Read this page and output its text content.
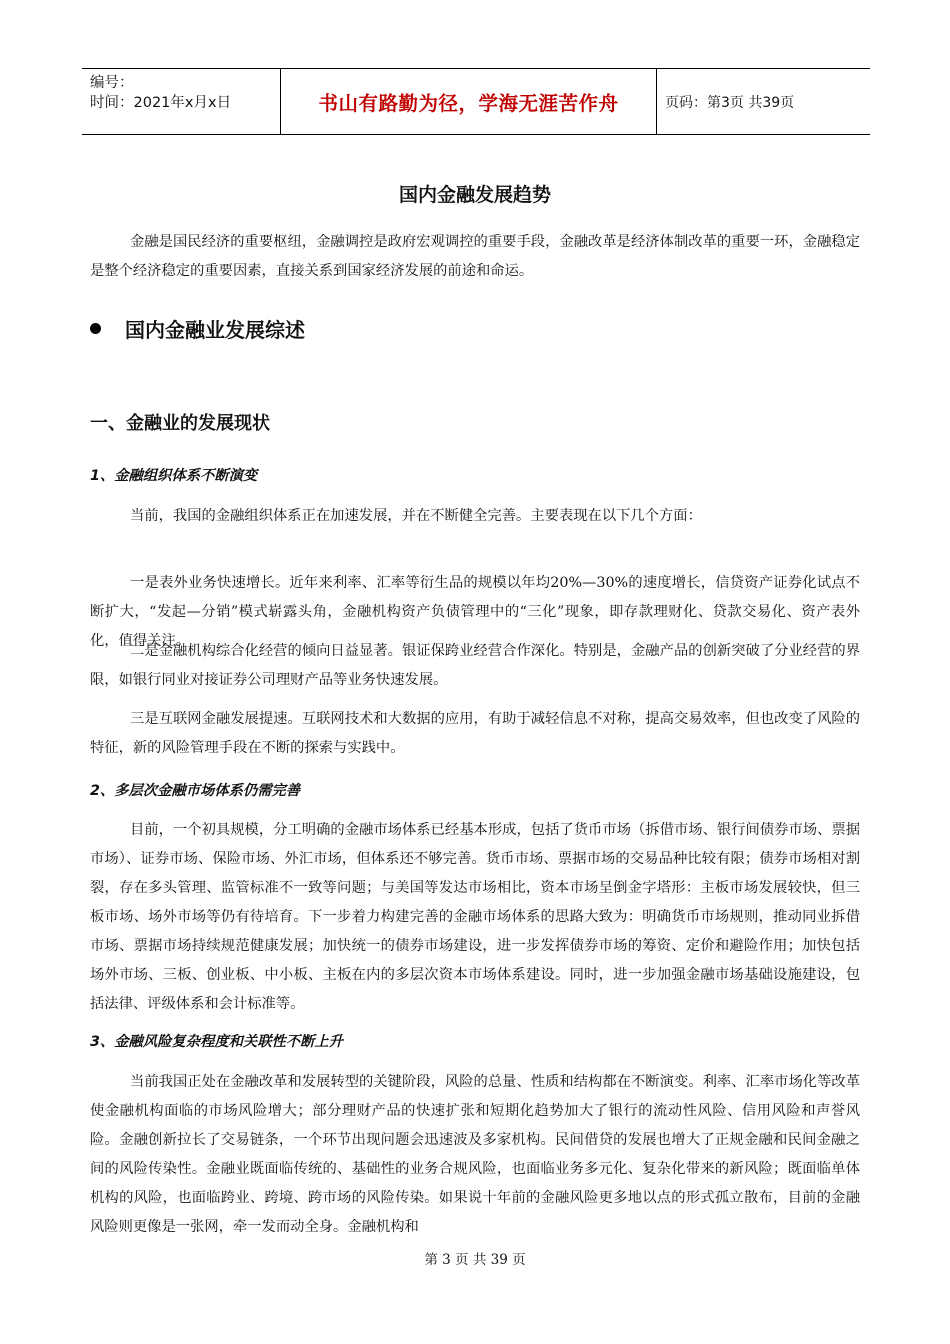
编号：
时间：2021年x月x日	书山有路勤为径，学海无涯苦作舟	页码：第3页 共39页
国内金融发展趋势

金融是国民经济的重要枢纽，金融调控是政府宏观调控的重要手段，金融改革是经济体制改革的重要一环，金融稳定是整个经济稳定的重要因素，直接关系到国家经济发展的前途和命运。

国内金融业发展综述
一、金融业的发展现状
1、金融组织体系不断演变

当前，我国的金融组织体系正在加速发展，并在不断健全完善。主要表现在以下几个方面：

一是表外业务快速增长。近年来利率、汇率等衍生品的规模以年均20%—30%的速度增长，信贷资产证券化试点不断扩大，“发起—分销”模式崭露头角，金融机构资产负债管理中的“三化”现象，即存款理财化、贷款交易化、资产表外化，值得关注。

二是金融机构综合化经营的倾向日益显著。银证保跨业经营合作深化。特别是，金融产品的创新突破了分业经营的界限，如银行同业对接证券公司理财产品等业务快速发展。

三是互联网金融发展提速。互联网技术和大数据的应用，有助于减轻信息不对称，提高交易效率，但也改变了风险的特征，新的风险管理手段在不断的探索与实践中。

2、多层次金融市场体系仍需完善

目前，一个初具规模，分工明确的金融市场体系已经基本形成，包括了货币市场（拆借市场、银行间债券市场、票据市场）、证券市场、保险市场、外汇市场，但体系还不够完善。货币市场、票据市场的交易品种比较有限；债券市场相对割裂，存在多头管理、监管标准不一致等问题；与美国等发达市场相比，资本市场呈倒金字塔形：主板市场发展较快，但三板市场、场外市场等仍有待培育。下一步着力构建完善的金融市场体系的思路大致为：明确货币市场规则，推动同业拆借市场、票据市场持续规范健康发展；加快统一的债券市场建设，进一步发挥债券市场的筹资、定价和避险作用；加快包括场外市场、三板、创业板、中小板、主板在内的多层次资本市场体系建设。同时，进一步加强金融市场基础设施建设，包括法律、评级体系和会计标准等。

3、金融风险复杂程度和关联性不断上升

当前我国正处在金融改革和发展转型的关键阶段，风险的总量、性质和结构都在不断演变。利率、汇率市场化等改革使金融机构面临的市场风险增大；部分理财产品的快速扩张和短期化趋势加大了银行的流动性风险、信用风险和声誉风险。金融创新拉长了交易链条，一个环节出现问题会迅速波及多家机构。民间借贷的发展也增大了正规金融和民间金融之间的风险传染性。金融业既面临传统的、基础性的业务合规风险，也面临业务多元化、复杂化带来的新风险；既面临单体机构的风险，也面临跨业、跨境、跨市场的风险传染。如果说十年前的金融风险更多地以点的形式孤立散布，目前的金融风险则更像是一张网，牵一发而动全身。金融机构和

第 3 页 共 39 页
